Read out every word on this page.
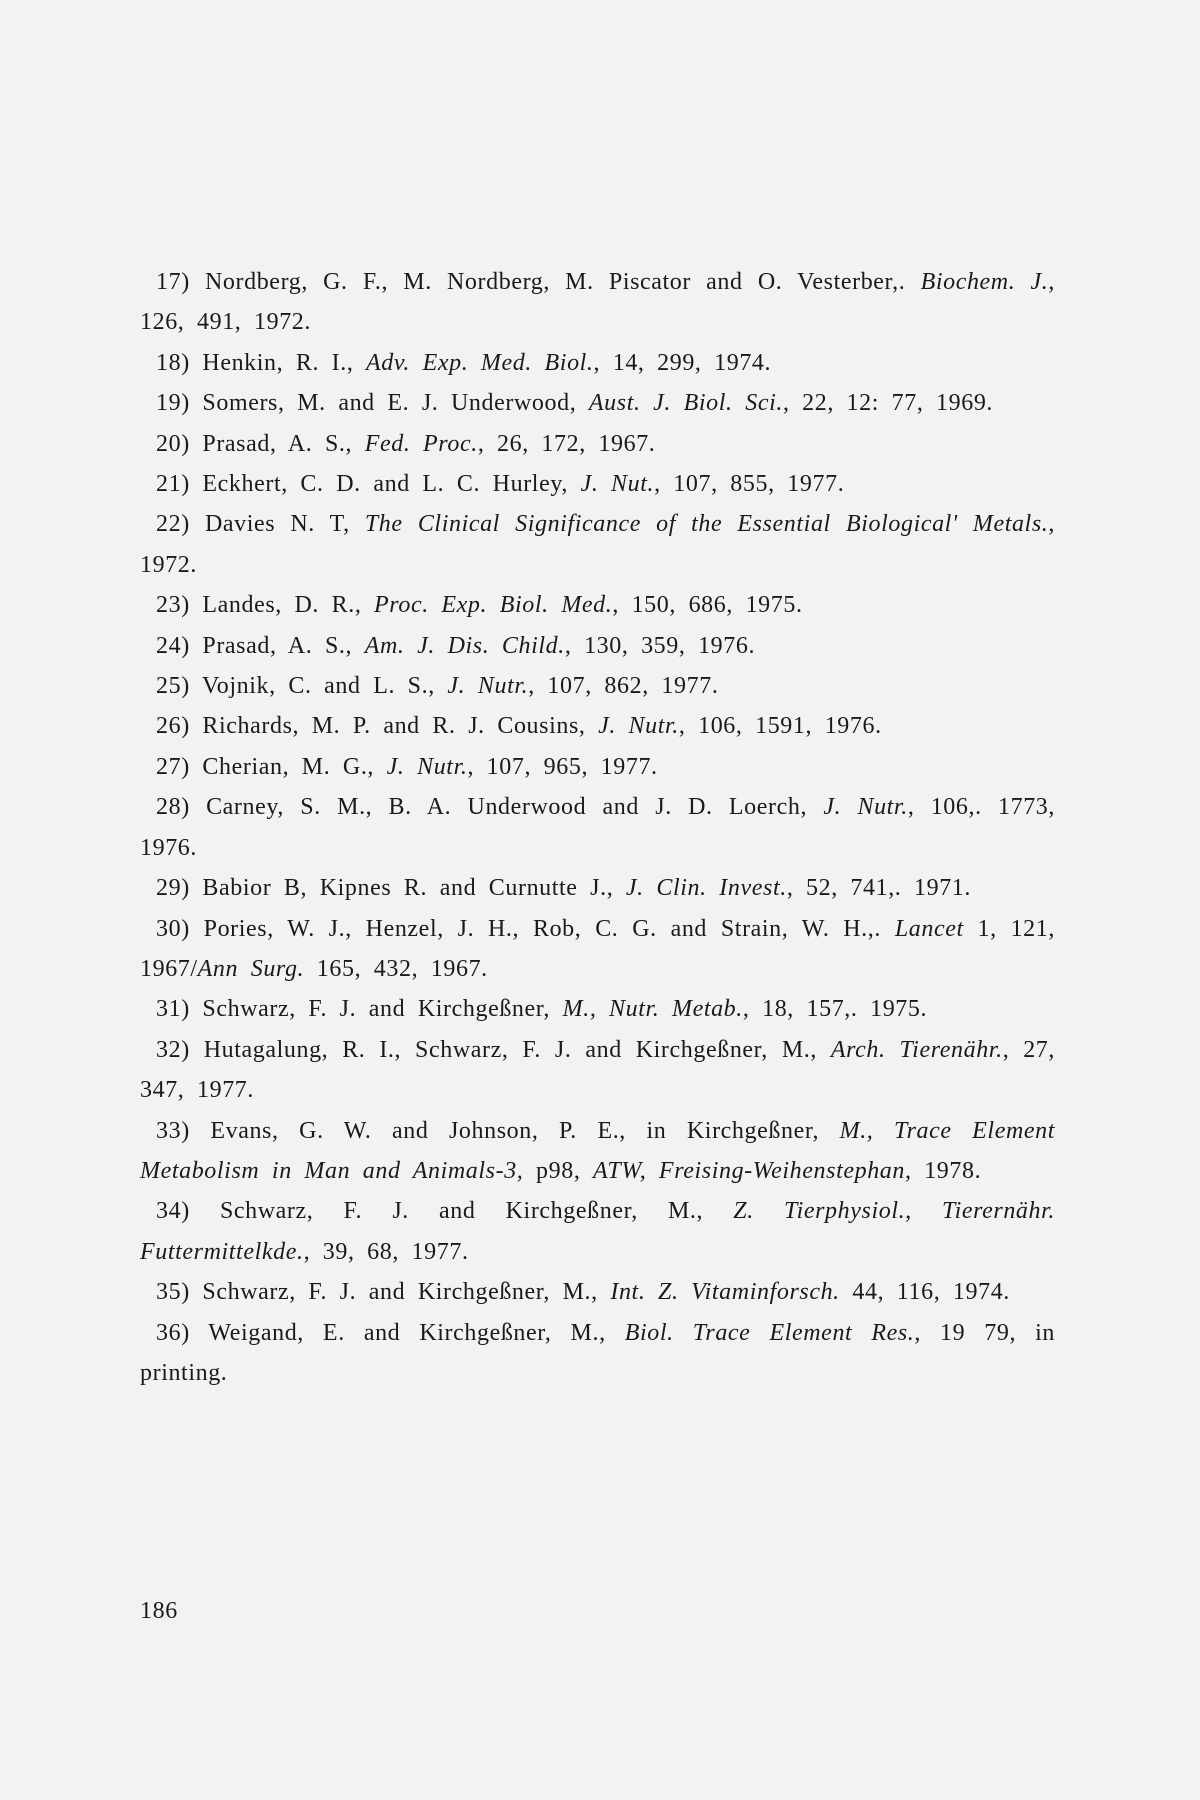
17) Nordberg, G. F., M. Nordberg, M. Piscator and O. Vesterber,. Biochem. J., 126, 491, 1972.
18) Henkin, R. I., Adv. Exp. Med. Biol., 14, 299, 1974.
19) Somers, M. and E. J. Underwood, Aust. J. Biol. Sci., 22, 12: 77, 1969.
20) Prasad, A. S., Fed. Proc., 26, 172, 1967.
21) Eckhert, C. D. and L. C. Hurley, J. Nut., 107, 855, 1977.
22) Davies N. T, The Clinical Significance of the Essential Biological' Metals., 1972.
23) Landes, D. R., Proc. Exp. Biol. Med., 150, 686, 1975.
24) Prasad, A. S., Am. J. Dis. Child., 130, 359, 1976.
25) Vojnik, C. and L. S., J. Nutr., 107, 862, 1977.
26) Richards, M. P. and R. J. Cousins, J. Nutr., 106, 1591, 1976.
27) Cherian, M. G., J. Nutr., 107, 965, 1977.
28) Carney, S. M., B. A. Underwood and J. D. Loerch, J. Nutr., 106,. 1773, 1976.
29) Babior B, Kipnes R. and Curnutte J., J. Clin. Invest., 52, 741,. 1971.
30) Pories, W. J., Henzel, J. H., Rob, C. G. and Strain, W. H.,. Lancet 1, 121, 1967/Ann Surg. 165, 432, 1967.
31) Schwarz, F. J. and Kirchgeßner, M., Nutr. Metab., 18, 157,. 1975.
32) Hutagalung, R. I., Schwarz, F. J. and Kirchgeßner, M., Arch. Tierenähr., 27, 347, 1977.
33) Evans, G. W. and Johnson, P. E., in Kirchgeßner, M., Trace Element Metabolism in Man and Animals-3, p98, ATW, Freising-Weihenstephan, 1978.
34) Schwarz, F. J. and Kirchgeßner, M., Z. Tierphysiol., Tierernähr. Futtermittelkde., 39, 68, 1977.
35) Schwarz, F. J. and Kirchgeßner, M., Int. Z. Vitaminforsch. 44, 116, 1974.
36) Weigand, E. and Kirchgeßner, M., Biol. Trace Element Res., 19 79, in printing.
186
